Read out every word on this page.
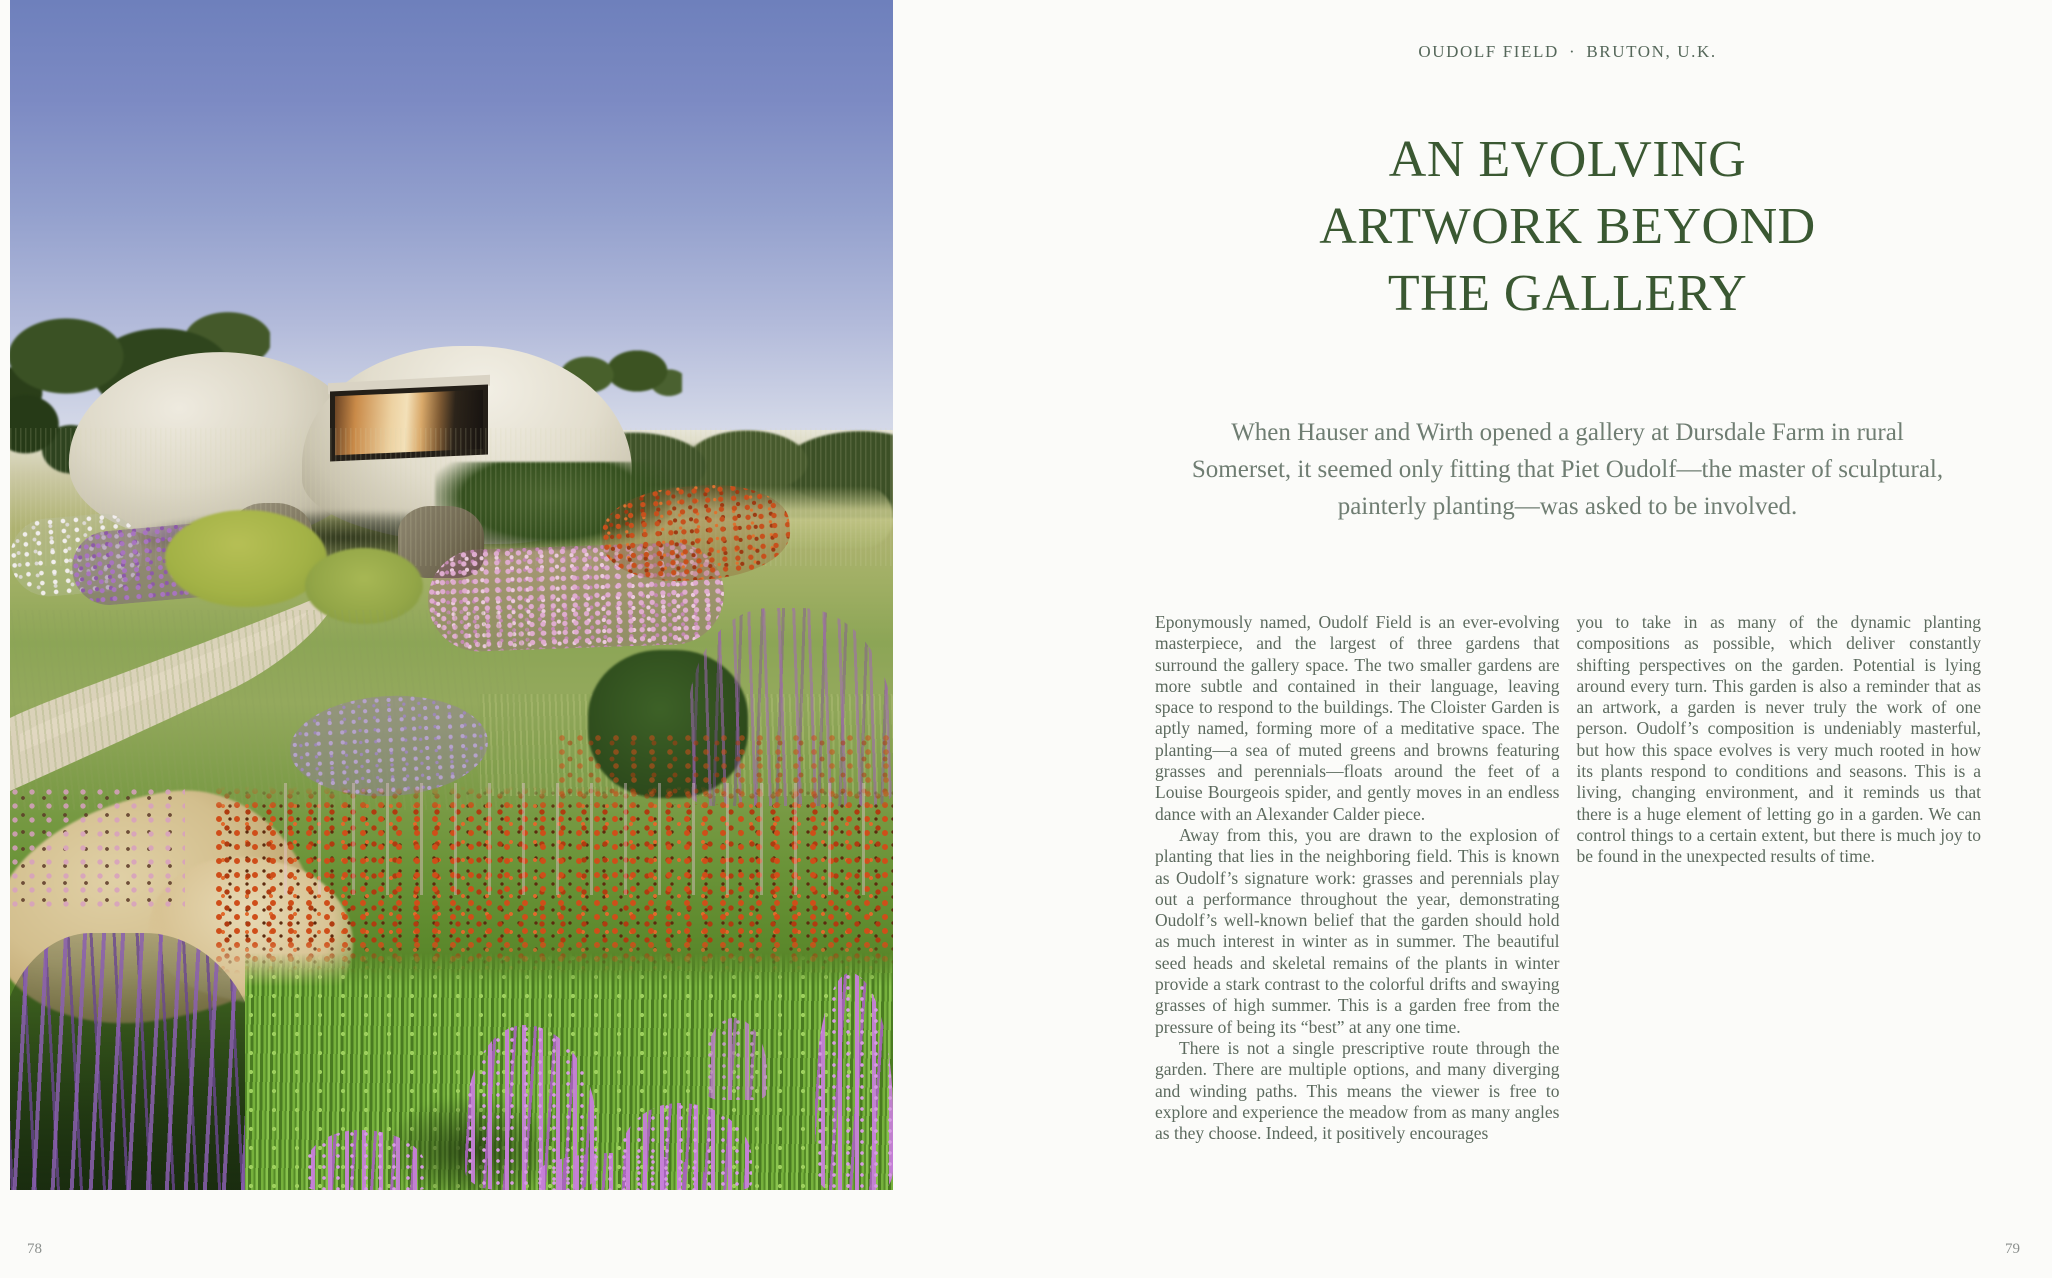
78
OUDOLF FIELD · BRUTON, U.K.
AN EVOLVING
ARTWORK BEYOND
THE GALLERY

When Hauser and Wirth opened a gallery at Dursdale Farm in rural
Somerset, it seemed only fitting that Piet Oudolf—the master of sculptural,
painterly planting—was asked to be involved.

Eponymously named, Oudolf Field is an ever-evolving masterpiece, and the largest of three gardens that surround the gallery space. The two smaller gardens are more subtle and contained in their language, leaving space to respond to the buildings. The Cloister Garden is aptly named, forming more of a meditative space. The planting—a sea of muted greens and browns featuring grasses and perennials—floats around the feet of a Louise Bourgeois spider, and gently moves in an endless dance with an Alexander Calder piece.

Away from this, you are drawn to the explosion of planting that lies in the neighboring field. This is known as Oudolf’s signature work: grasses and perennials play out a performance throughout the year, demonstrating Oudolf’s well-known belief that the garden should hold as much interest in winter as in summer. The beautiful seed heads and skeletal remains of the plants in winter provide a stark contrast to the colorful drifts and swaying grasses of high summer. This is a garden free from the pressure of being its “best” at any one time.

There is not a single prescriptive route through the garden. There are multiple options, and many diverging and winding paths. This means the viewer is free to explore and experience the meadow from as many angles as they choose. Indeed, it positively encourages

you to take in as many of the dynamic planting compositions as possible, which deliver constantly shifting perspectives on the garden. Potential is lying around every turn. This garden is also a reminder that as an artwork, a garden is never truly the work of one person. Oudolf’s composition is undeniably masterful, but how this space evolves is very much rooted in how its plants respond to conditions and seasons. This is a living, changing environment, and it reminds us that there is a huge element of letting go in a garden. We can control things to a certain extent, but there is much joy to be found in the unexpected results of time.

79
